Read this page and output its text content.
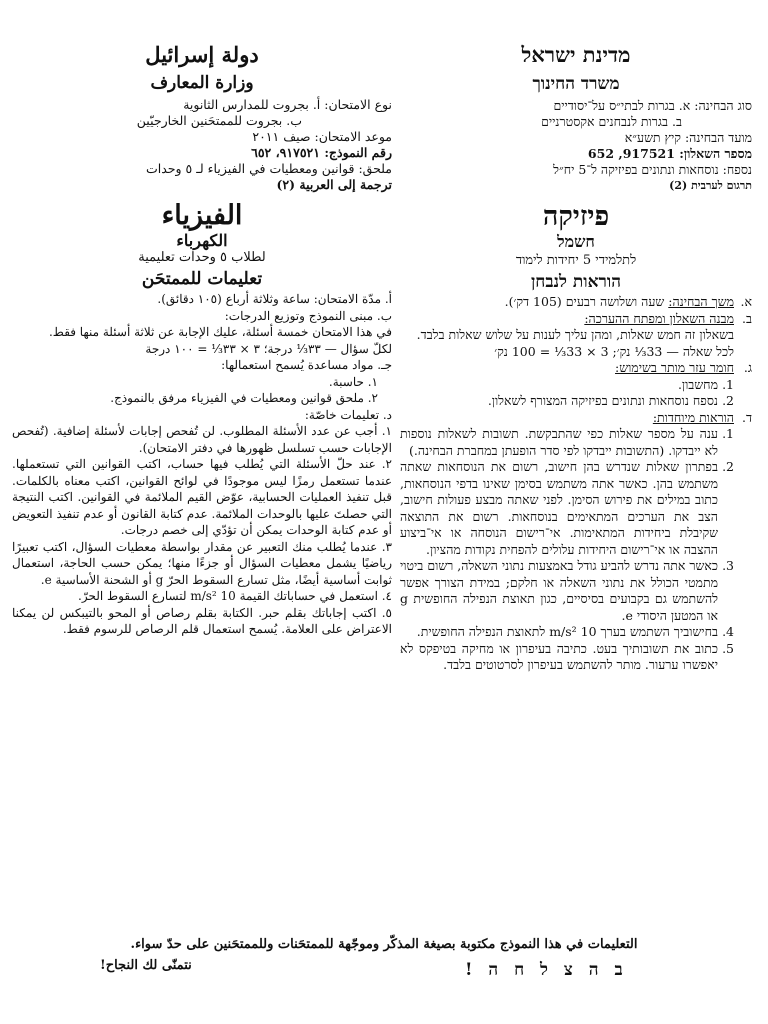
מדינת ישראל
משרד החינוך
סוג הבחינה: א. בגרות לבתי״ס על־יסודיים
ב. בגרות לנבחנים אקסטרניים
מועד הבחינה: קיץ תשע״א
מספר השאלון: 917521, 652
נספח: נוסחאות ונתונים בפיזיקה ל־5 יח״ל
תרגום לערבית (2)
פיזיקה
חשמל
לתלמידי 5 יחידות לימוד
הוראות לנבחן
א.
משך הבחינה: שעה ושלושה רבעים (105 דק׳).
ב.
מבנה השאלון ומפתח ההערכה:
בשאלון זה חמש שאלות, ומהן עליך לענות על שלוש שאלות בלבד.
לכל שאלה — 33⅓ נק׳; 3 × 33⅓ = 100 נק׳
ג.
חומר עזר מותר בשימוש:
1.
מחשבון.
2.
נספח נוסחאות ונתונים בפיזיקה המצורף לשאלון.
ד.
הוראות מיוחדות:
1.
ענה על מספר שאלות כפי שהתבקשת. תשובות לשאלות נוספות לא ייבדקו. (התשובות ייבדקו לפי סדר הופעתן במחברת הבחינה.)
2.
בפתרון שאלות שנדרש בהן חישוב, רשום את הנוסחאות שאתה משתמש בהן. כאשר אתה משתמש בסימן שאינו בדפי הנוסחאות, כתוב במילים את פירוש הסימן. לפני שאתה מבצע פעולות חישוב, הצב את הערכים המתאימים בנוסחאות. רשום את התוצאה שקיבלת ביחידות המתאימות. אי־רישום הנוסחה או אי־ביצוע ההצבה או אי־רישום היחידות עלולים להפחית נקודות מהציון.
3.
כאשר אתה נדרש להביע גודל באמצעות נתוני השאלה, רשום ביטוי מתמטי הכולל את נתוני השאלה או חלקם; במידת הצורך אפשר להשתמש גם בקבועים בסיסיים, כגון תאוצת הנפילה החופשית g או המטען היסודי e.
4.
בחישוביך השתמש בערך 10 m/s² לתאוצת הנפילה החופשית.
5.
כתוב את תשובותיך בעט. כתיבה בעיפרון או מחיקה בטיפקס לא יאפשרו ערעור. מותר להשתמש בעיפרון לסרטוטים בלבד.
دولة إسرائيل
وزارة المعارف
نوع الامتحان: أ. بجروت للمدارس الثانوية
ب. بجروت للممتحَنين الخارجيّين
موعد الامتحان: صيف ٢٠١١
رقم النموذج: ٩١٧٥٢١، ٦٥٢
ملحق: قوانين ومعطيات في الفيزياء لـ ٥ وحدات
ترجمة إلى العربية (٢)
الفيزياء
الكهرباء
لطلاب ٥ وحدات تعليمية
تعليمات للممتحَن
أ. مدّة الامتحان: ساعة وثلاثة أرباع (١٠٥ دقائق).
ب. مبنى النموذج وتوزيع الدرجات:
في هذا الامتحان خمسة أسئلة، عليك الإجابة عن ثلاثة أسئلة منها فقط.
لكلّ سؤال — ٣٣⅓ درجة؛ ٣ × ٣٣⅓ = ١٠٠ درجة
جـ. مواد مساعدة يُسمح استعمالها:
١. حاسبة.
٢. ملحق قوانين ومعطيات في الفيزياء مرفق بالنموذج.
د. تعليمات خاصّة:
١. أجب عن عدد الأسئلة المطلوب. لن تُفحص إجابات لأسئلة إضافية. (تُفحص الإجابات حسب تسلسل ظهورها في دفتر الامتحان).
٢. عند حلّ الأسئلة التي يُطلب فيها حساب، اكتب القوانين التي تستعملها. عندما تستعمل رمزًا ليس موجودًا في لوائح القوانين، اكتب معناه بالكلمات. قبل تنفيذ العمليات الحسابية، عوّض القيم الملائمة في القوانين. اكتب النتيجة التي حصلتَ عليها بالوحدات الملائمة. عدم كتابة القانون أو عدم تنفيذ التعويض أو عدم كتابة الوحدات يمكن أن تؤدّي إلى خصم درجات.
٣. عندما يُطلب منك التعبير عن مقدار بواسطة معطيات السؤال، اكتب تعبيرًا رياضيًا يشمل معطيات السؤال أو جزءًا منها؛ يمكن حسب الحاجة، استعمال ثوابت أساسية أيضًا، مثل تسارع السقوط الحرّ g أو الشحنة الأساسية e.
٤. استعمل في حساباتك القيمة 10 m/s² لتسارع السقوط الحرّ.
٥. اكتب إجاباتك بقلم حبر. الكتابة بقلم رصاص أو المحو بالتيبكس لن يمكنا الاعتراض على العلامة. يُسمح استعمال قلم الرصاص للرسوم فقط.
التعليمات في هذا النموذج مكتوبة بصيغة المذكّر وموجّهة للممتحَنات وللممتحَنين على حدّ سواء.
نتمنّى لك النجاح!	ב ה צ ל ח ה !
